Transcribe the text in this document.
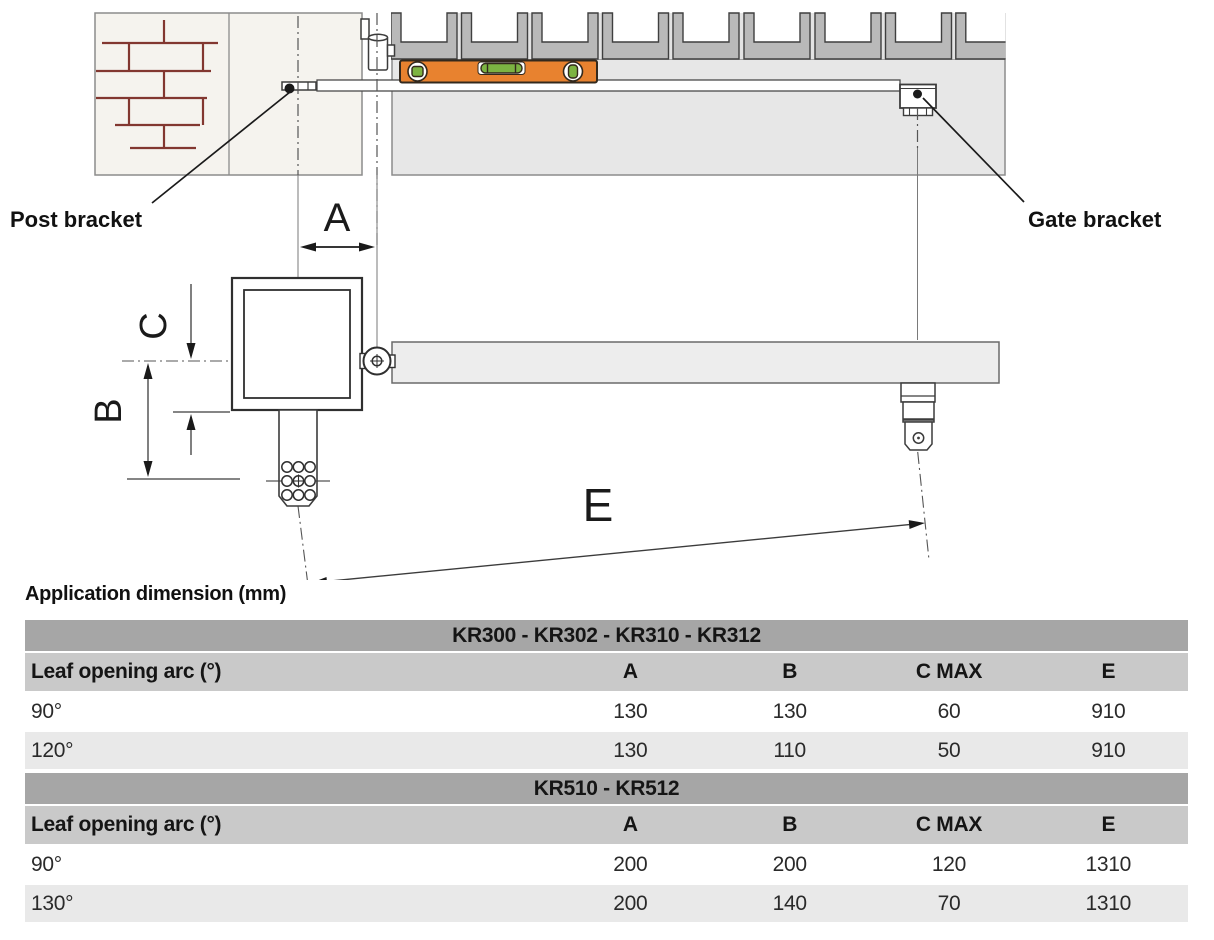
Post bracket	Gate bracket
A
C
B
E
Application dimension (mm)
KR300 - KR302 - KR310 - KR312
Leaf opening arc (°)	A	B	C MAX	E
90°	130	130	60	910
120°	130	110	50	910
KR510 - KR512
Leaf opening arc (°)	A	B	C MAX	E
90°	200	200	120	1310
130°	200	140	70	1310
